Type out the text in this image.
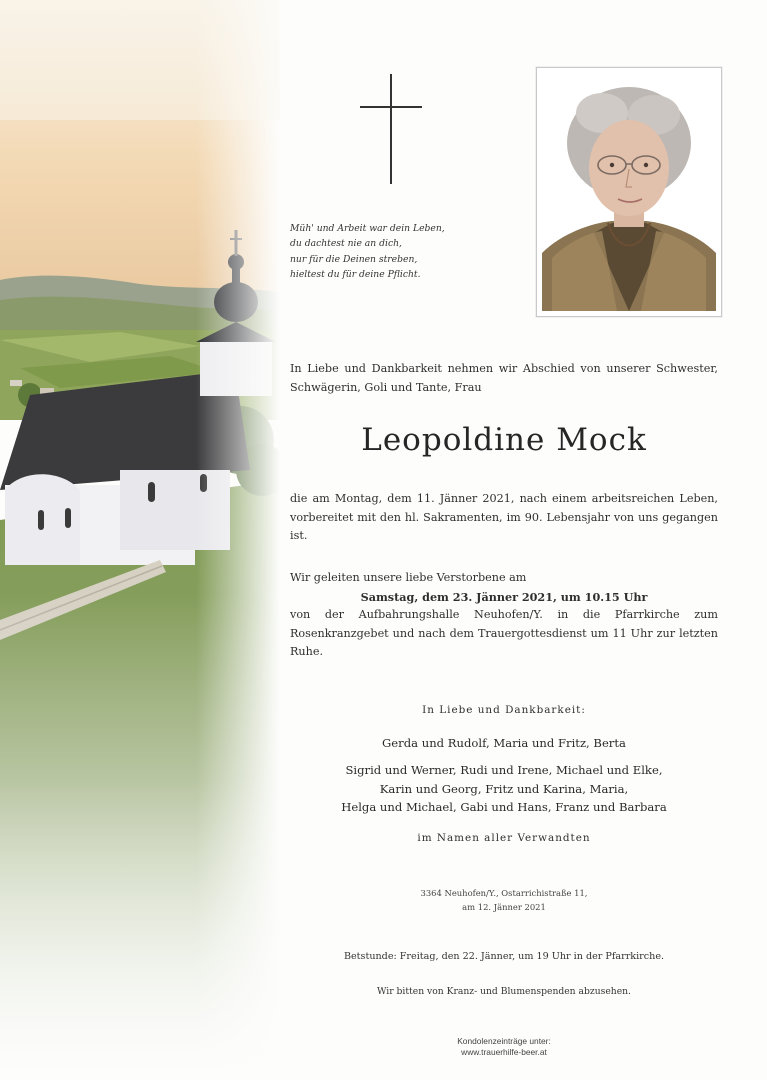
Müh' und Arbeit war dein Leben,
du dachtest nie an dich,
nur für die Deinen streben,
hieltest du für deine Pflicht.
In Liebe und Dankbarkeit nehmen wir Abschied von unserer Schwester, Schwägerin, Goli und Tante, Frau
Leopoldine Mock
die am Montag, dem 11. Jänner 2021, nach einem arbeitsreichen Leben, vorbereitet mit den hl. Sakramenten, im 90. Lebensjahr von uns gegangen ist.
Wir geleiten unsere liebe Verstorbene am
Samstag, dem 23. Jänner 2021, um 10.15 Uhr
von der Aufbahrungshalle Neuhofen/Y. in die Pfarrkirche zum Rosenkranzgebet und nach dem Trauergottesdienst um 11 Uhr zur letzten Ruhe.
In Liebe und Dankbarkeit:
Gerda und Rudolf, Maria und Fritz, Berta
Sigrid und Werner, Rudi und Irene, Michael und Elke,
Karin und Georg, Fritz und Karina, Maria,
Helga und Michael, Gabi und Hans, Franz und Barbara
im Namen aller Verwandten
3364 Neuhofen/Y., Ostarrichistraße 11,
am 12. Jänner 2021
Betstunde: Freitag, den 22. Jänner, um 19 Uhr in der Pfarrkirche.
Wir bitten von Kranz- und Blumenspenden abzusehen.
Kondolenzeinträge unter:
www.trauerhilfe-beer.at
